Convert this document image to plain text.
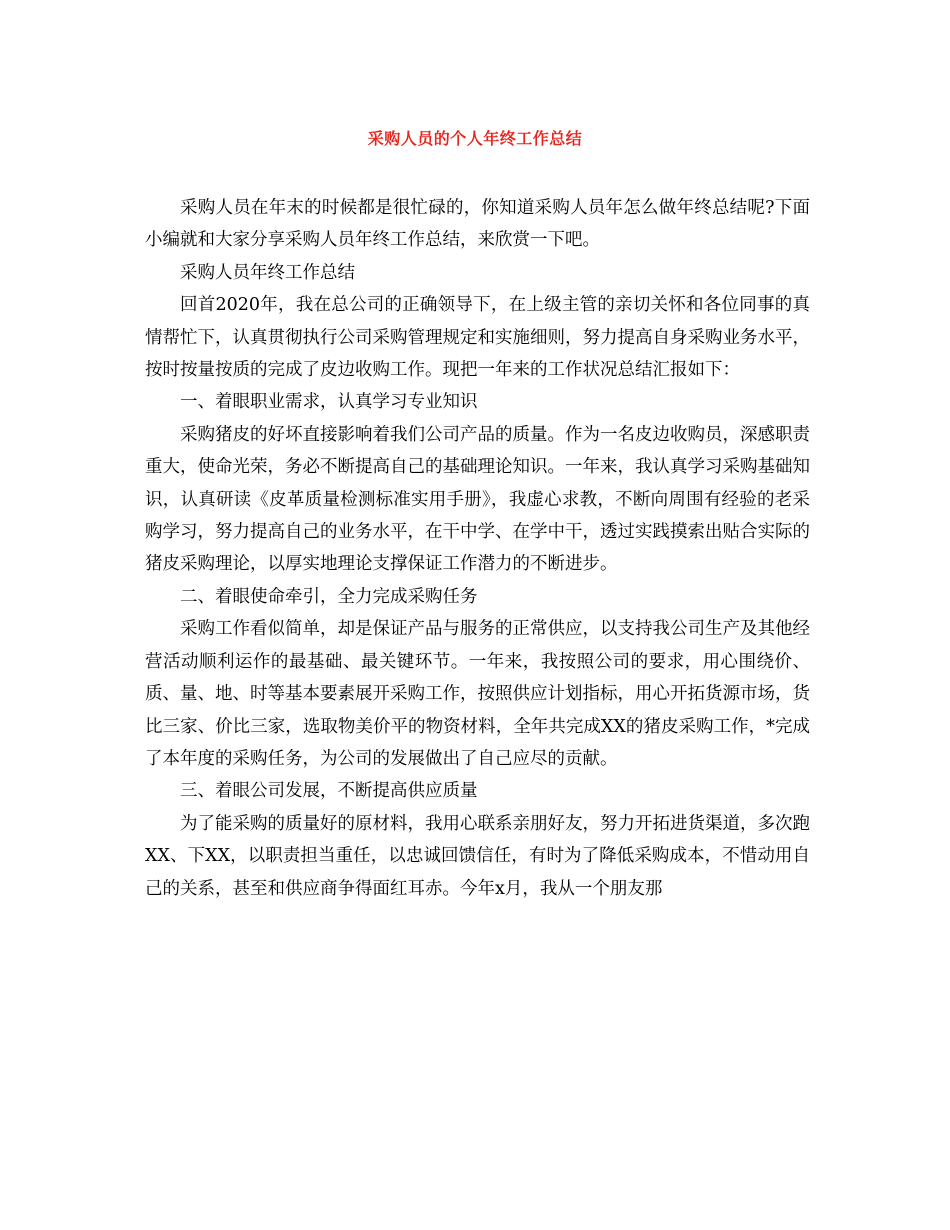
采购人员的个人年终工作总结

采购人员在年末的时候都是很忙碌的，你知道采购人员年怎么做年终总结呢?下面小编就和大家分享采购人员年终工作总结，来欣赏一下吧。

采购人员年终工作总结

回首2020年，我在总公司的正确领导下，在上级主管的亲切关怀和各位同事的真情帮忙下，认真贯彻执行公司采购管理规定和实施细则，努力提高自身采购业务水平，按时按量按质的完成了皮边收购工作。现把一年来的工作状况总结汇报如下：

一、着眼职业需求，认真学习专业知识

采购猪皮的好坏直接影响着我们公司产品的质量。作为一名皮边收购员，深感职责重大，使命光荣，务必不断提高自己的基础理论知识。一年来，我认真学习采购基础知识，认真研读《皮革质量检测标准实用手册》，我虚心求教，不断向周围有经验的老采购学习，努力提高自己的业务水平，在干中学、在学中干，透过实践摸索出贴合实际的猪皮采购理论，以厚实地理论支撑保证工作潜力的不断进步。

二、着眼使命牵引，全力完成采购任务

采购工作看似简单，却是保证产品与服务的正常供应，以支持我公司生产及其他经营活动顺利运作的最基础、最关键环节。一年来，我按照公司的要求，用心围绕价、质、量、地、时等基本要素展开采购工作，按照供应计划指标，用心开拓货源市场，货比三家、价比三家，选取物美价平的物资材料，全年共完成XX的猪皮采购工作，*完成了本年度的采购任务，为公司的发展做出了自己应尽的贡献。

三、着眼公司发展，不断提高供应质量

为了能采购的质量好的原材料，我用心联系亲朋好友，努力开拓进货渠道，多次跑XX、下XX，以职责担当重任，以忠诚回馈信任，有时为了降低采购成本，不惜动用自己的关系，甚至和供应商争得面红耳赤。今年x月，我从一个朋友那
